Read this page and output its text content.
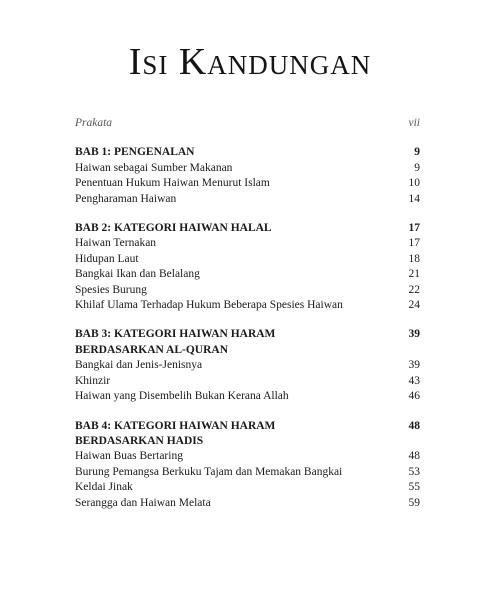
Isi Kandungan
Prakata	vii
BAB 1: PENGENALAN	9
Haiwan sebagai Sumber Makanan	9
Penentuan Hukum Haiwan Menurut Islam	10
Pengharaman Haiwan	14
BAB 2: KATEGORI HAIWAN HALAL	17
Haiwan Ternakan	17
Hidupan Laut	18
Bangkai Ikan dan Belalang	21
Spesies Burung	22
Khilaf Ulama Terhadap Hukum Beberapa Spesies Haiwan	24
BAB 3: KATEGORI HAIWAN HARAM	39
BERDASARKAN AL-QURAN
Bangkai dan Jenis-Jenisnya	39
Khinzir	43
Haiwan yang Disembelih Bukan Kerana Allah	46
BAB 4: KATEGORI HAIWAN HARAM	48
BERDASARKAN HADIS
Haiwan Buas Bertaring	48
Burung Pemangsa Berkuku Tajam dan Memakan Bangkai	53
Keldai Jinak	55
Serangga dan Haiwan Melata	59
